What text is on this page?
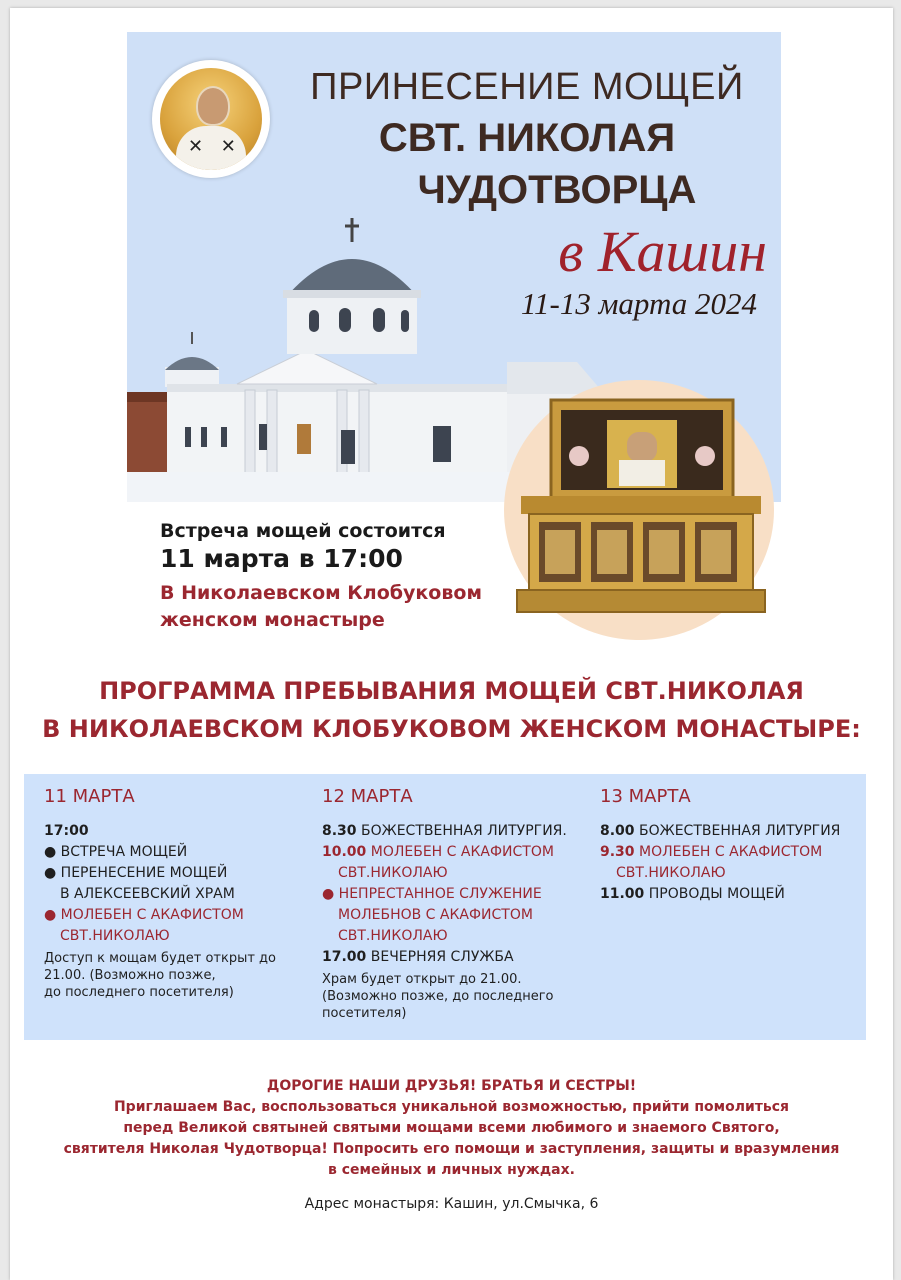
✕ ✕
ПРИНЕСЕНИЕ МОЩЕЙ
СВТ. НИКОЛАЯ
ЧУДОТВОРЦА
в Кашин
11-13 марта 2024
Встреча мощей состоится
11 марта в 17:00
В Николаевском Клобуковом
женском монастыре
ПРОГРАММА ПРЕБЫВАНИЯ МОЩЕЙ СВТ.НИКОЛАЯ
В НИКОЛАЕВСКОМ КЛОБУКОВОМ ЖЕНСКОМ МОНАСТЫРЕ:
11 МАРТА
17:00
● ВСТРЕЧА МОЩЕЙ
● ПЕРЕНЕСЕНИЕ МОЩЕЙ
В АЛЕКСЕЕВСКИЙ ХРАМ
● МОЛЕБЕН С АКАФИСТОМ
СВТ.НИКОЛАЮ
Доступ к мощам будет открыт до
21.00. (Возможно позже,
до последнего посетителя)
12 МАРТА
8.30 БОЖЕСТВЕННАЯ ЛИТУРГИЯ.
10.00 МОЛЕБЕН С АКАФИСТОМ
СВТ.НИКОЛАЮ
● НЕПРЕСТАННОЕ СЛУЖЕНИЕ
МОЛЕБНОВ С АКАФИСТОМ
СВТ.НИКОЛАЮ
17.00 ВЕЧЕРНЯЯ СЛУЖБА
Храм будет открыт до 21.00.
(Возможно позже, до последнего
посетителя)
13 МАРТА
8.00 БОЖЕСТВЕННАЯ ЛИТУРГИЯ
9.30 МОЛЕБЕН С АКАФИСТОМ
СВТ.НИКОЛАЮ
11.00 ПРОВОДЫ МОЩЕЙ
ДОРОГИЕ НАШИ ДРУЗЬЯ! БРАТЬЯ И СЕСТРЫ!
Приглашаем Вас, воспользоваться уникальной возможностью, прийти помолиться
перед Великой святыней святыми мощами всеми любимого и знаемого Святого,
святителя Николая Чудотворца! Попросить его помощи и заступления, защиты и вразумления
в семейных и личных нуждах.
Адрес монастыря: Кашин, ул.Смычка, 6
